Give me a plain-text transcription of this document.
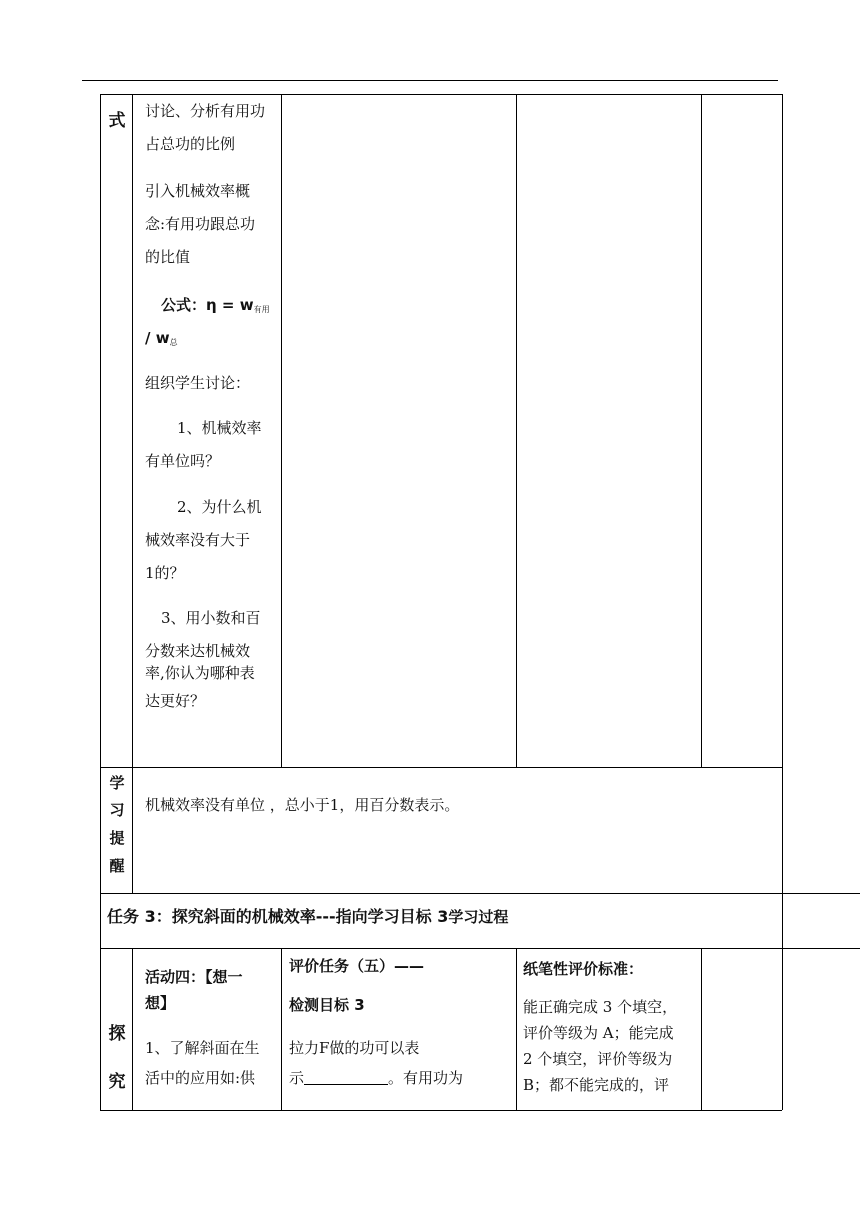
式	讨论、分析有用功
占总功的比例
引入机械效率概
念:有用功跟总功
的比值
公式：$\eta = w_{有用}$
/ $w_总$
组织学生讨论：
1、机械效率
有单位吗？
2、为什么机
械效率没有大于
1的？
3、用小数和百
分数来达机械效
率,你认为哪种表
达更好？
学
习
提
醒
机械效率没有单位 ，总小于1，用百分数表示。
任务 3：探究斜面的机械效率---指向学习目标 3学习过程
探
究
活动四：【想一
想】
1、了解斜面在生
活中的应用如:供
评价任务（五）——
检测目标 3
拉力F做的功可以表
示	。有用功为
纸笔性评价标准：
能正确完成 3 个填空，
评价等级为 A；能完成
2 个填空，评价等级为
B；都不能完成的，评
